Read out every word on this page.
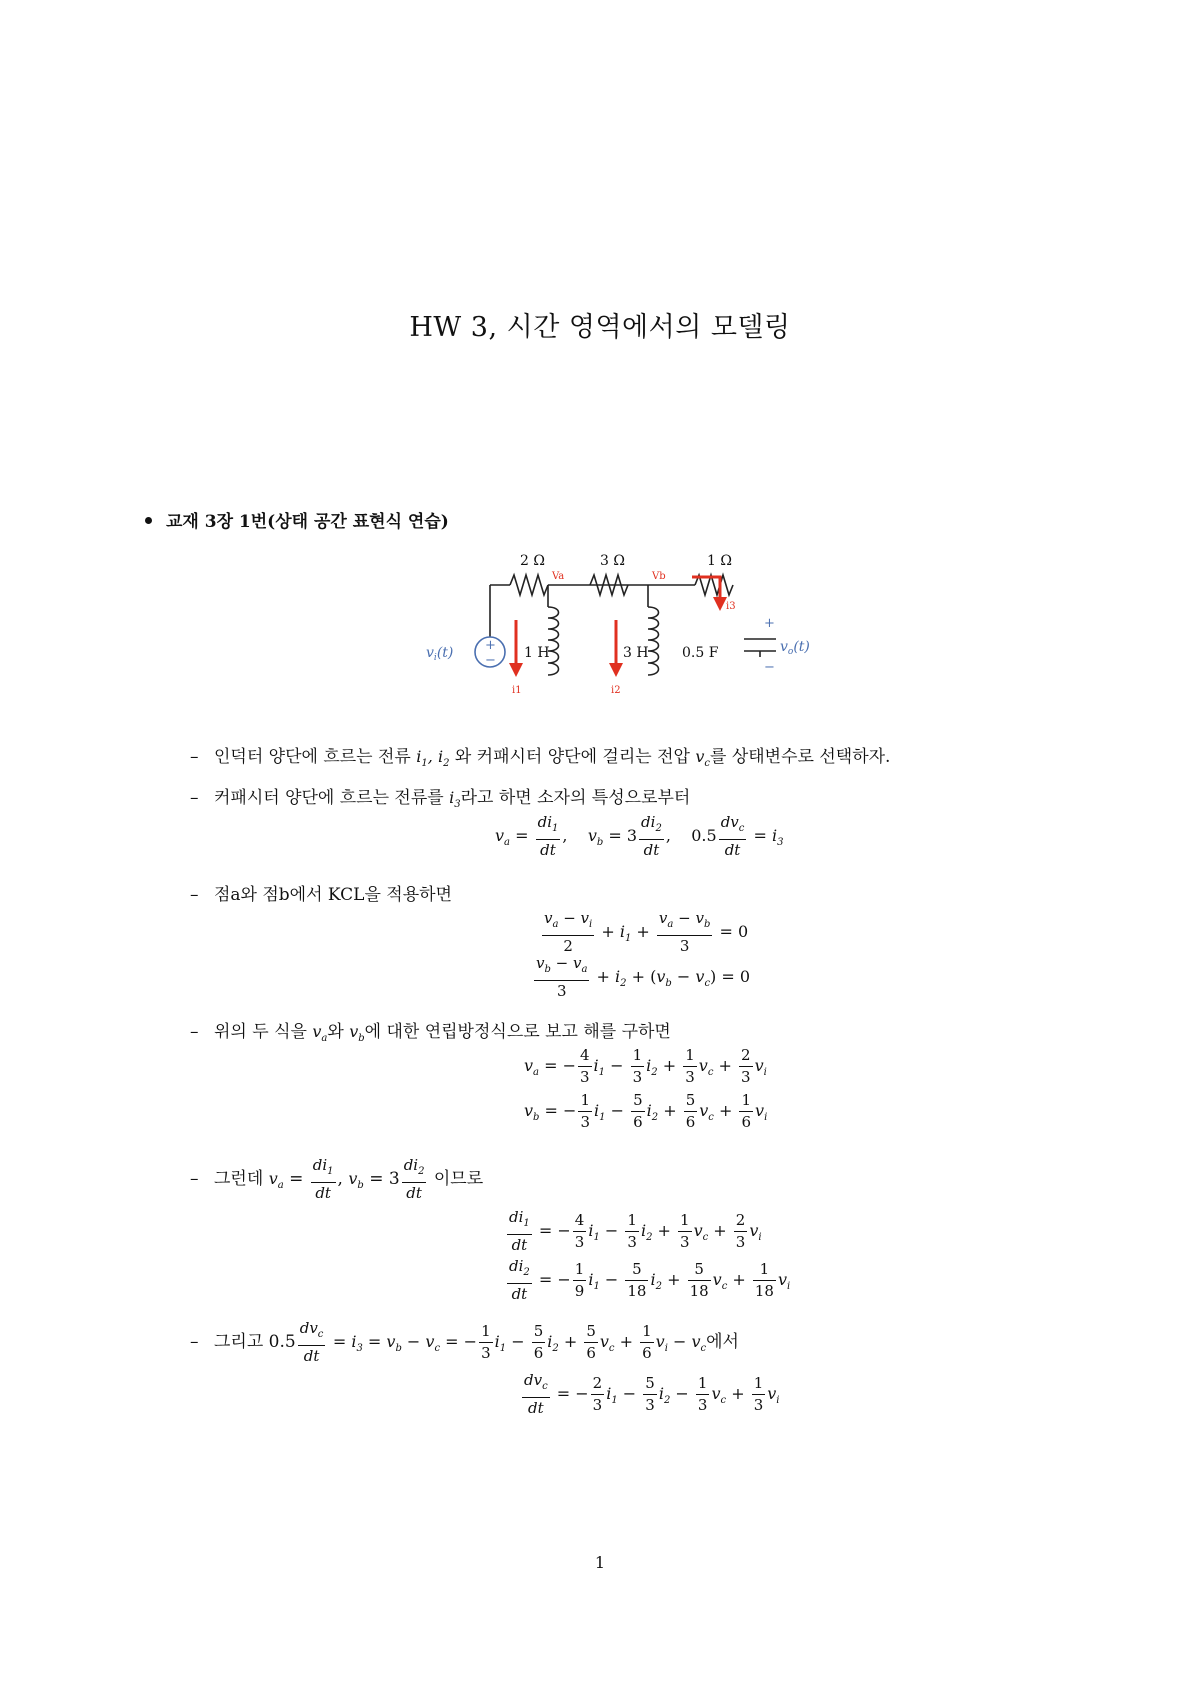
HW 3, 시간 영역에서의 모델링
교재 3장 1번(상태 공간 표현식 연습)
2 Ω	3 Ω	1 Ω
Va	Vb
1 H	3 H 0.5 F
i1	i2
i3
+
−
$v_i(t)$
+
−
$v_o(t)$
– 인덕터 양단에 흐르는 전류 $i_1$, $i_2$ 와 커패시터 양단에 걸리는 전압 $v_c$를 상태변수로 선택하자.
– 커패시터 양단에 흐르는 전류를 $i_3$라고 하면 소자의 특성으로부터
$v_a = \frac{di_1}{dt}$ ,    $v_b = 3 \frac{di_2}{dt}$ ,    $0.5 \frac{dv_c}{dt} = i_3$
– 점a와 점b에서 KCL을 적용하면
$\frac{v_a - v_i}{2} + i_1 + \frac{v_a - v_b}{3} = 0$
$\frac{v_b - v_a}{3} + i_2 + (v_b - v_c) = 0$
– 위의 두 식을 $v_a$와 $v_b$에 대한 연립방정식으로 보고 해를 구하면
$v_a$ = − $\frac{4}{3} i_1 - \frac{1}{3} i_2 + \frac{1}{3} v_c + \frac{2}{3} v_i$
$v_b$ = − $\frac{1}{3} i_1 - \frac{5}{6} i_2 + \frac{5}{6} v_c + \frac{1}{6} v_i$
– 그런데 $v_a = \frac{di_1}{dt}$ , $v_b = 3 \frac{di_2}{dt}$ 이므로
$\frac{di_1}{dt}$ = − $\frac{4}{3} i_1 - \frac{1}{3} i_2 + \frac{1}{3} v_c + \frac{2}{3} v_i$
$\frac{di_2}{dt}$ = − $\frac{1}{9} i_1 - \frac{5}{18} i_2 + \frac{5}{18} v_c + \frac{1}{18} v_i$
– 그리고 $0.5 \frac{dv_c}{dt} = i_3 = v_b - v_c$ = − $\frac{1}{3} i_1 - \frac{5}{6} i_2 + \frac{5}{6} v_c + \frac{1}{6} v_i - v_c$에서
$\frac{dv_c}{dt}$ = − $\frac{2}{3} i_1 - \frac{5}{3} i_2 - \frac{1}{3} v_c + \frac{1}{3} v_i$
1
